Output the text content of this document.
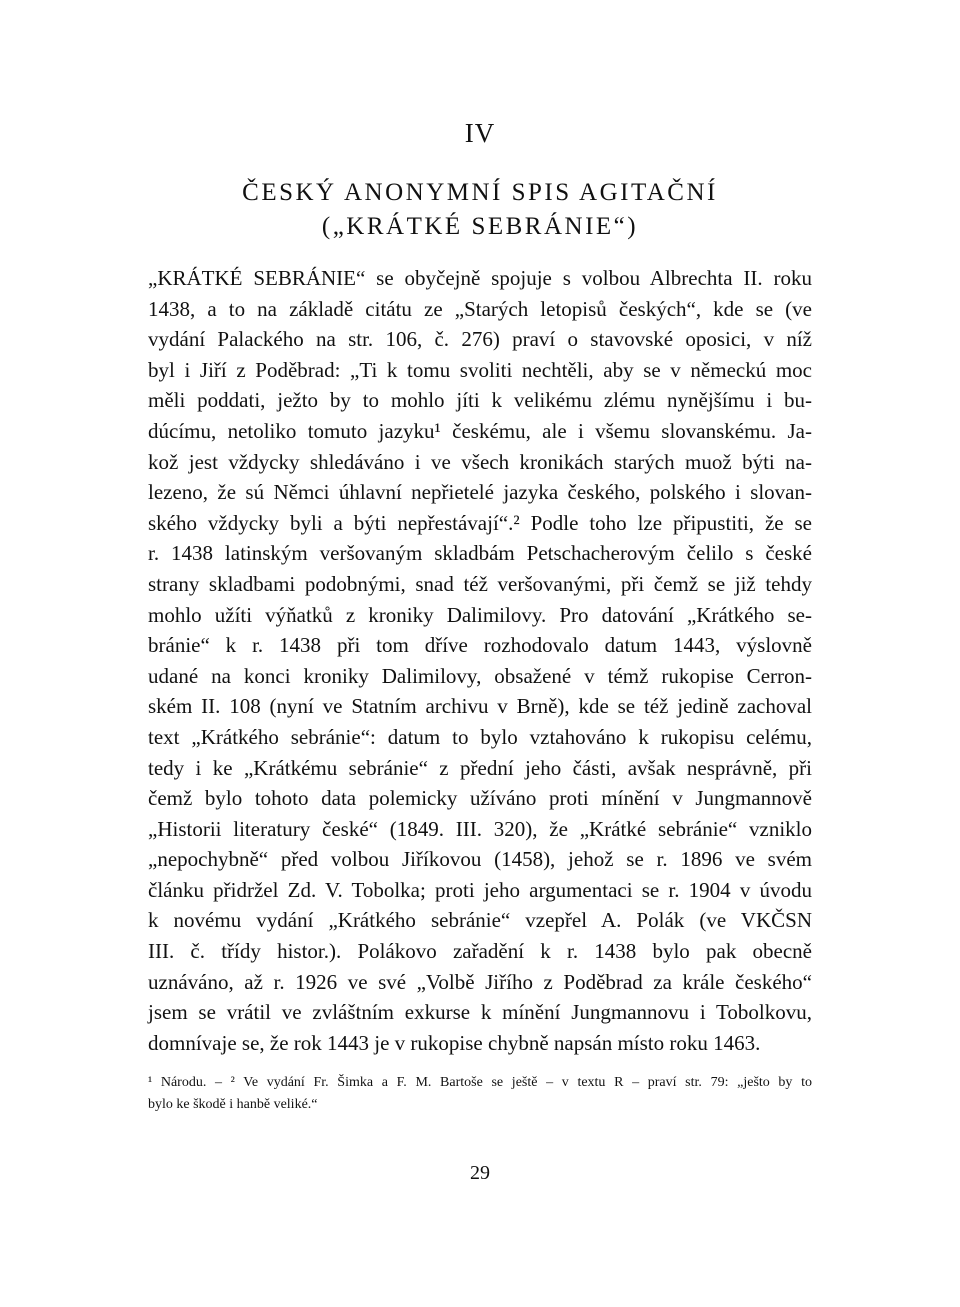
IV
ČESKÝ ANONYMNÍ SPIS AGITAČNÍ
(„KRÁTKÉ SEBRÁNIE“)
„KRÁTKÉ SEBRÁNIE“ se obyčejně spojuje s volbou Albrechta II. roku
1438, a to na základě citátu ze „Starých letopisů českých“, kde se (ve
vydání Palackého na str. 106, č. 276) praví o stavovské oposici, v níž
byl i Jiří z Poděbrad: „Ti k tomu svoliti nechtěli, aby se v německú moc
měli poddati, ježto by to mohlo jíti k velikému zlému nynějšímu i bu-
dúcímu, netoliko tomuto jazyku¹ českému, ale i všemu slovanskému. Ja-
kož jest vždycky shledáváno i ve všech kronikách starých muož býti na-
lezeno, že sú Němci úhlavní nepřietelé jazyka českého, polského i slovan-
ského vždycky byli a býti nepřestávají“.² Podle toho lze připustiti, že se
r. 1438 latinským veršovaným skladbám Petschacherovým čelilo s české
strany skladbami podobnými, snad též veršovanými, při čemž se již tehdy
mohlo užíti výňatků z kroniky Dalimilovy. Pro datování „Krátkého se-
bránie“ k r. 1438 při tom dříve rozhodovalo datum 1443, výslovně
udané na konci kroniky Dalimilovy, obsažené v témž rukopise Cerron-
ském II. 108 (nyní ve Statním archivu v Brně), kde se též jedině zachoval
text „Krátkého sebránie“: datum to bylo vztahováno k rukopisu celému,
tedy i ke „Krátkému sebránie“ z přední jeho části, avšak nesprávně, při
čemž bylo tohoto data polemicky užíváno proti mínění v Jungmannově
„Historii literatury české“ (1849. III. 320), že „Krátké sebránie“ vzniklo
„nepochybně“ před volbou Jiříkovou (1458), jehož se r. 1896 ve svém
článku přidržel Zd. V. Tobolka; proti jeho argumentaci se r. 1904 v úvodu
k novému vydání „Krátkého sebránie“ vzepřel A. Polák (ve VKČSN
III. č. třídy histor.). Polákovo zařadění k r. 1438 bylo pak obecně
uznáváno, až r. 1926 ve své „Volbě Jiřího z Poděbrad za krále českého“
jsem se vrátil ve zvláštním exkurse k mínění Jungmannovu i Tobolkovu,
domnívaje se, že rok 1443 je v rukopise chybně napsán místo roku 1463.
¹ Národu. – ² Ve vydání Fr. Šimka a F. M. Bartoše se ještě – v textu R – praví str. 79: „ješto by to
bylo ke škodě i hanbě veliké.“
29
